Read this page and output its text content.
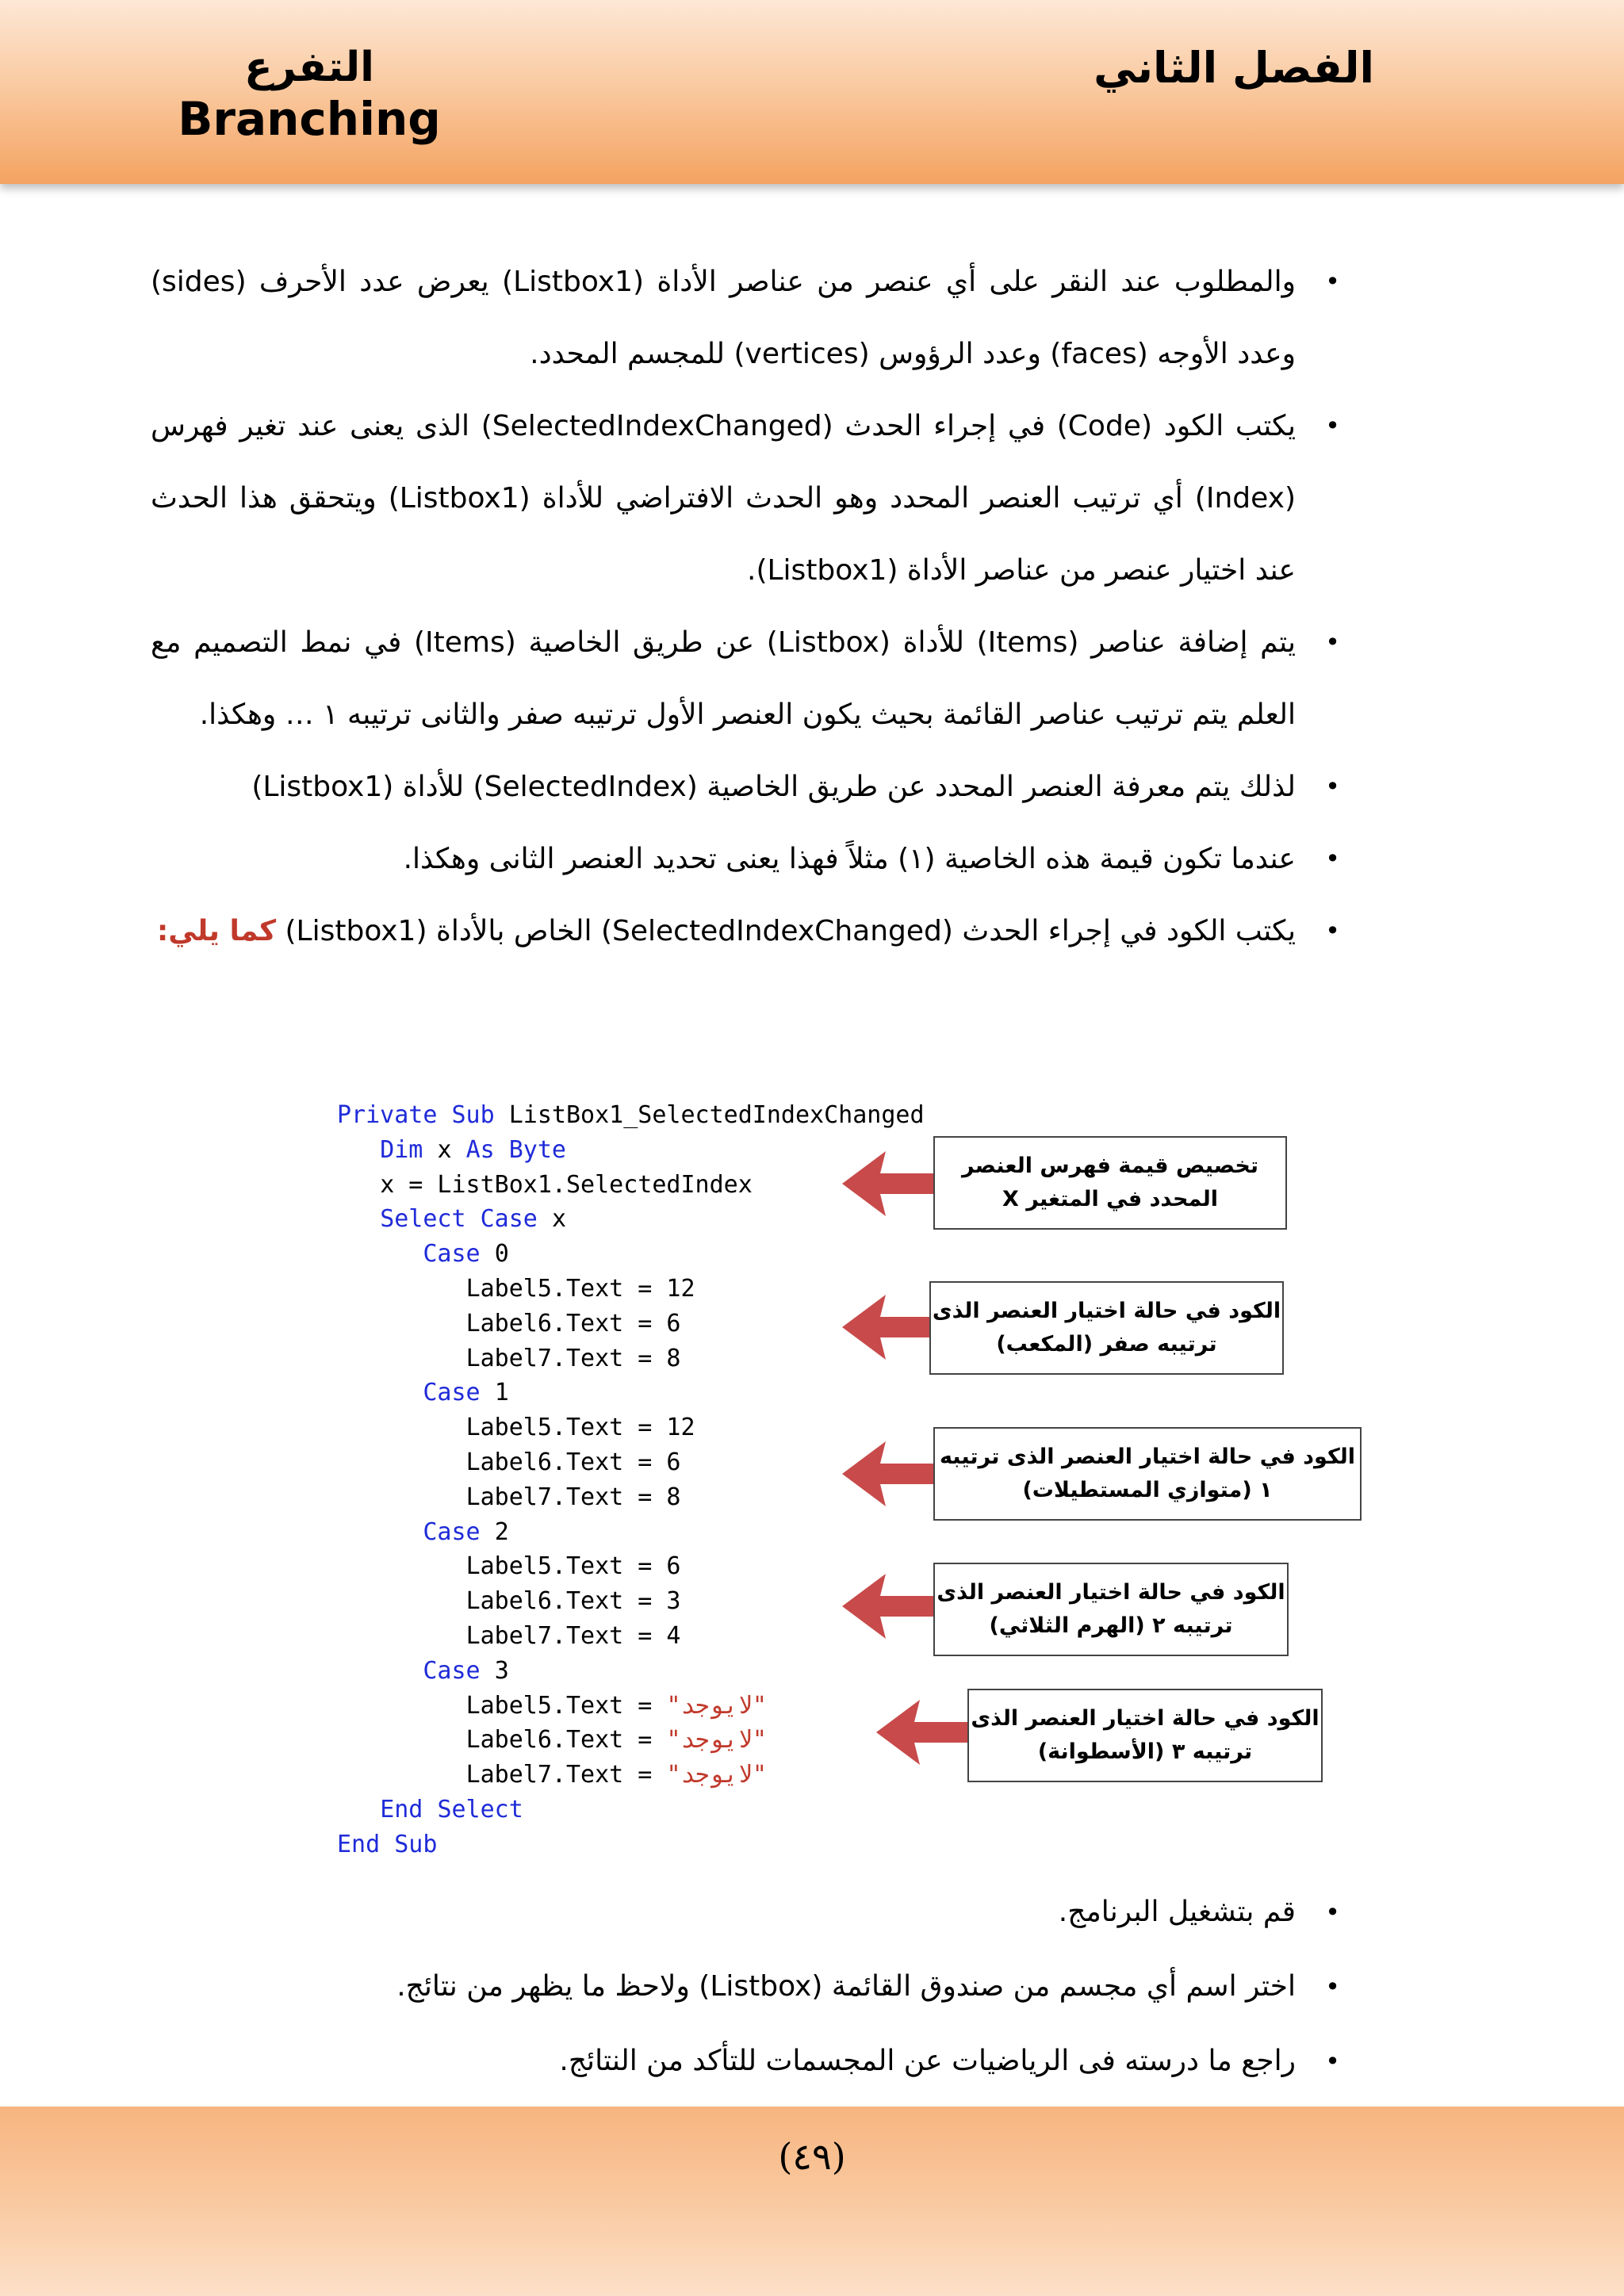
الفصل الثاني
التفرع
Branching
•
والمطلوب عند النقر على أي عنصر من عناصر الأداة (Listbox1) يعرض عدد الأحرف (sides) وعدد الأوجه (faces) وعدد الرؤوس (vertices) للمجسم المحدد.
•
يكتب الكود (Code) في إجراء الحدث (SelectedIndexChanged) الذى يعنى عند تغير فهرس (Index) أي ترتيب العنصر المحدد وهو الحدث الافتراضي للأداة (Listbox1) ويتحقق هذا الحدث عند اختيار عنصر من عناصر الأداة (Listbox1).
•
يتم إضافة عناصر (Items) للأداة (Listbox) عن طريق الخاصية (Items) في نمط التصميم مع العلم يتم ترتيب عناصر القائمة بحيث يكون العنصر الأول ترتيبه صفر والثانى ترتيبه ١ … وهكذا.
•
لذلك يتم معرفة العنصر المحدد عن طريق الخاصية (SelectedIndex) للأداة (Listbox1)
•
عندما تكون قيمة هذه الخاصية (١) مثلاً فهذا يعنى تحديد العنصر الثانى وهكذا.
•
يكتب الكود في إجراء الحدث (SelectedIndexChanged) الخاص بالأداة (Listbox1) كما يلي:
Private Sub ListBox1_SelectedIndexChanged
Dim x As Byte
x = ListBox1.SelectedIndex
Select Case x
Case 0
Label5.Text = 12
Label6.Text = 6
Label7.Text = 8
Case 1
Label5.Text = 12
Label6.Text = 6
Label7.Text = 8
Case 2
Label5.Text = 6
Label6.Text = 3
Label7.Text = 4
Case 3
Label5.Text = "لايوجد"
Label6.Text = "لايوجد"
Label7.Text = "لايوجد"
End Select
End Sub
تخصيص قيمة فهرس العنصر المحدد في المتغير X
الكود في حالة اختيار العنصر الذى ترتيبه صفر (المكعب)
الكود في حالة اختيار العنصر الذى ترتيبه ١ (متوازي المستطيلات)
الكود في حالة اختيار العنصر الذى ترتيبه ٢ (الهرم الثلاثي)
الكود في حالة اختيار العنصر الذى ترتيبه ٣ (الأسطوانة)
•
قم بتشغيل البرنامج.
•
اختر اسم أي مجسم من صندوق القائمة (Listbox) ولاحظ ما يظهر من نتائج.
•
راجع ما درسته فى الرياضيات عن المجسمات للتأكد من النتائج.
(٤٩)
